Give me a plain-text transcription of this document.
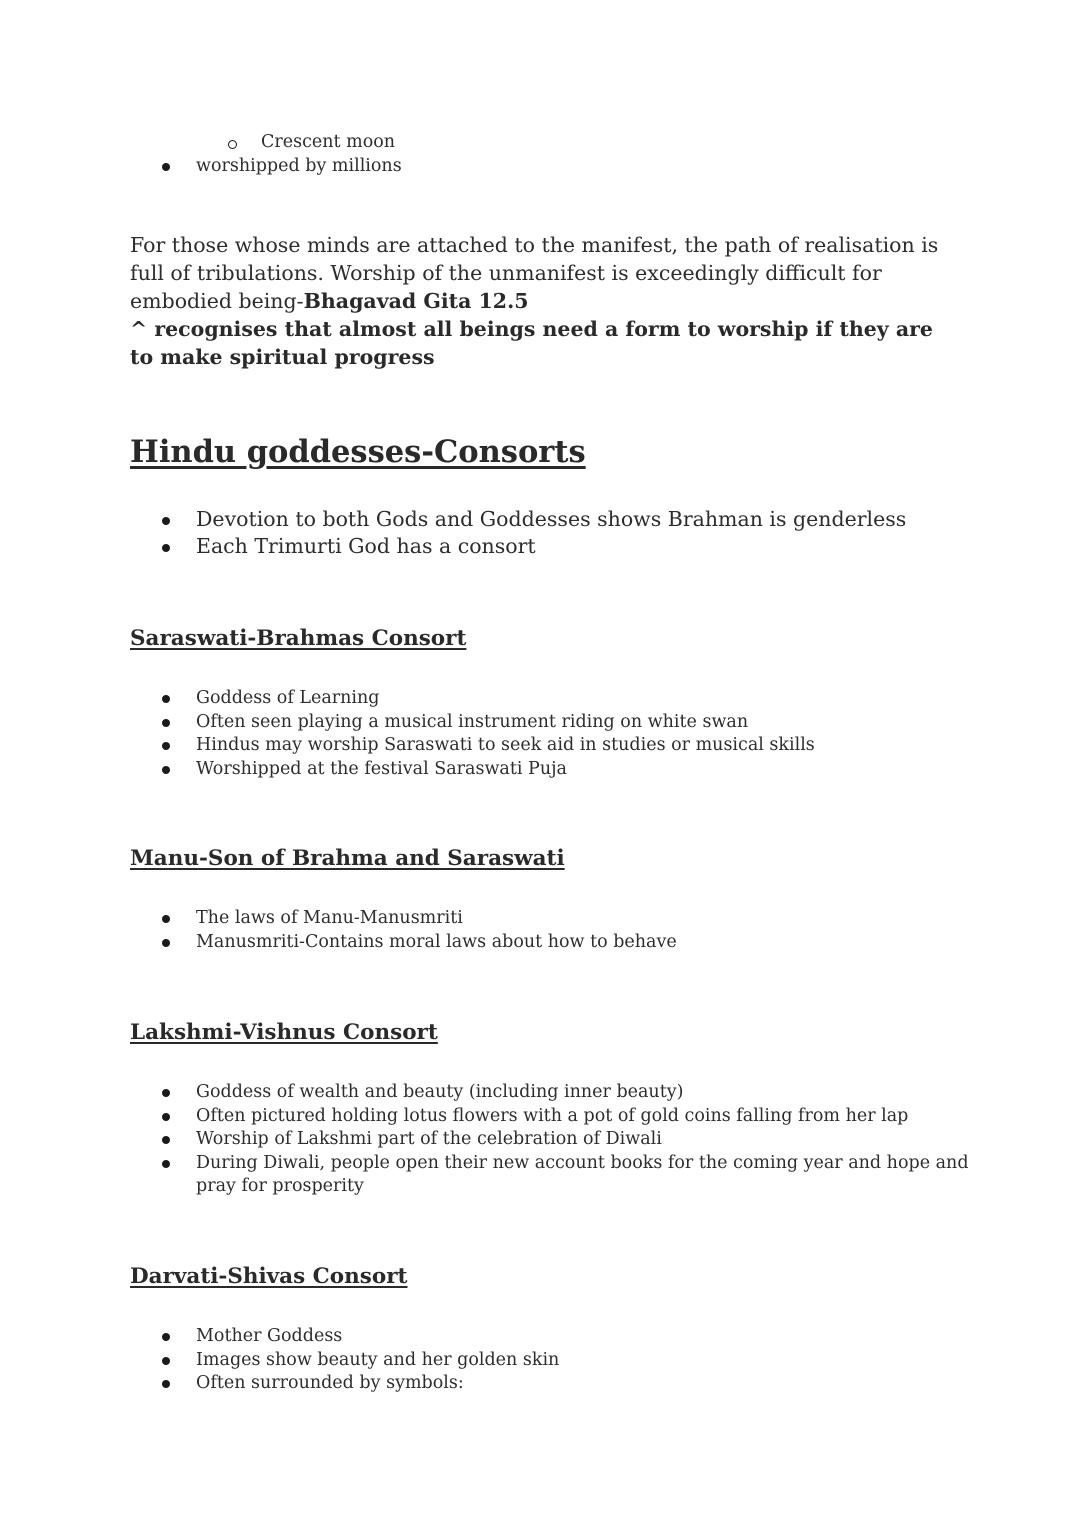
Crescent moon
worshipped by millions
For those whose minds are attached to the manifest, the path of realisation is full of tribulations. Worship of the unmanifest is exceedingly difficult for embodied being-Bhagavad Gita 12.5
^ recognises that almost all beings need a form to worship if they are to make spiritual progress
Hindu goddesses-Consorts
Devotion to both Gods and Goddesses shows Brahman is genderless
Each Trimurti God has a consort
Saraswati-Brahmas Consort
Goddess of Learning
Often seen playing a musical instrument riding on white swan
Hindus may worship Saraswati to seek aid in studies or musical skills
Worshipped at the festival Saraswati Puja
Manu-Son of Brahma and Saraswati
The laws of Manu-Manusmriti
Manusmriti-Contains moral laws about how to behave
Lakshmi-Vishnus Consort
Goddess of wealth and beauty (including inner beauty)
Often pictured holding lotus flowers with a pot of gold coins falling from her lap
Worship of Lakshmi part of the celebration of Diwali
During Diwali, people open their new account books for the coming year and hope and
pray for prosperity
Darvati-Shivas Consort
Mother Goddess
Images show beauty and her golden skin
Often surrounded by symbols:
